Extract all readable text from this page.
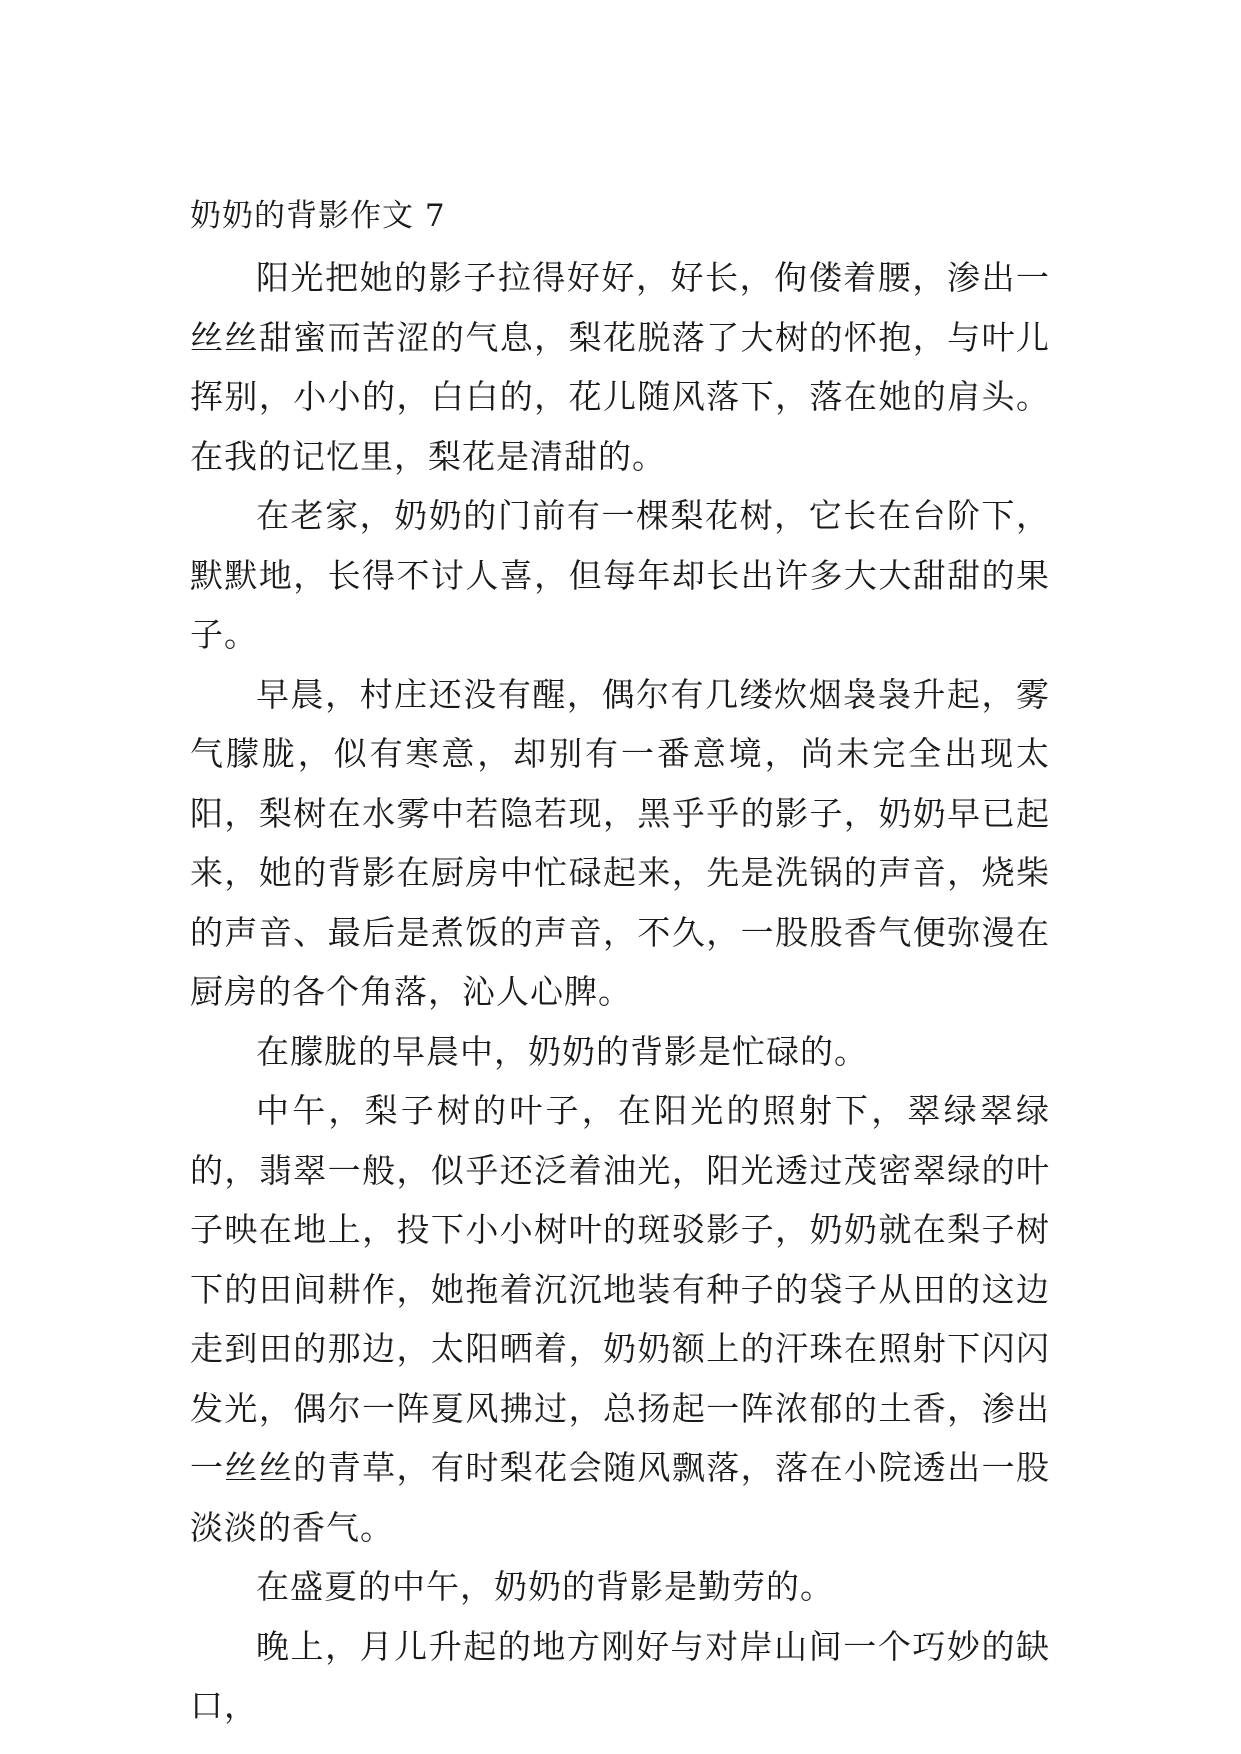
奶奶的背影作文 7

阳光把她的影子拉得好好，好长，佝偻着腰，渗出一丝丝甜蜜而苦涩的气息，梨花脱落了大树的怀抱，与叶儿挥别，小小的，白白的，花儿随风落下，落在她的肩头。在我的记忆里，梨花是清甜的。

在老家，奶奶的门前有一棵梨花树，它长在台阶下，默默地，长得不讨人喜，但每年却长出许多大大甜甜的果子。

早晨，村庄还没有醒，偶尔有几缕炊烟袅袅升起，雾气朦胧，似有寒意，却别有一番意境，尚未完全出现太阳，梨树在水雾中若隐若现，黑乎乎的影子，奶奶早已起来，她的背影在厨房中忙碌起来，先是洗锅的声音，烧柴的声音、最后是煮饭的声音，不久，一股股香气便弥漫在厨房的各个角落，沁人心脾。

在朦胧的早晨中，奶奶的背影是忙碌的。

中午，梨子树的叶子，在阳光的照射下，翠绿翠绿的，翡翠一般，似乎还泛着油光，阳光透过茂密翠绿的叶子映在地上，投下小小树叶的斑驳影子，奶奶就在梨子树下的田间耕作，她拖着沉沉地装有种子的袋子从田的这边走到田的那边，太阳晒着，奶奶额上的汗珠在照射下闪闪发光，偶尔一阵夏风拂过，总扬起一阵浓郁的土香，渗出一丝丝的青草，有时梨花会随风飘落，落在小院透出一股淡淡的香气。

在盛夏的中午，奶奶的背影是勤劳的。

晚上，月儿升起的地方刚好与对岸山间一个巧妙的缺口，
